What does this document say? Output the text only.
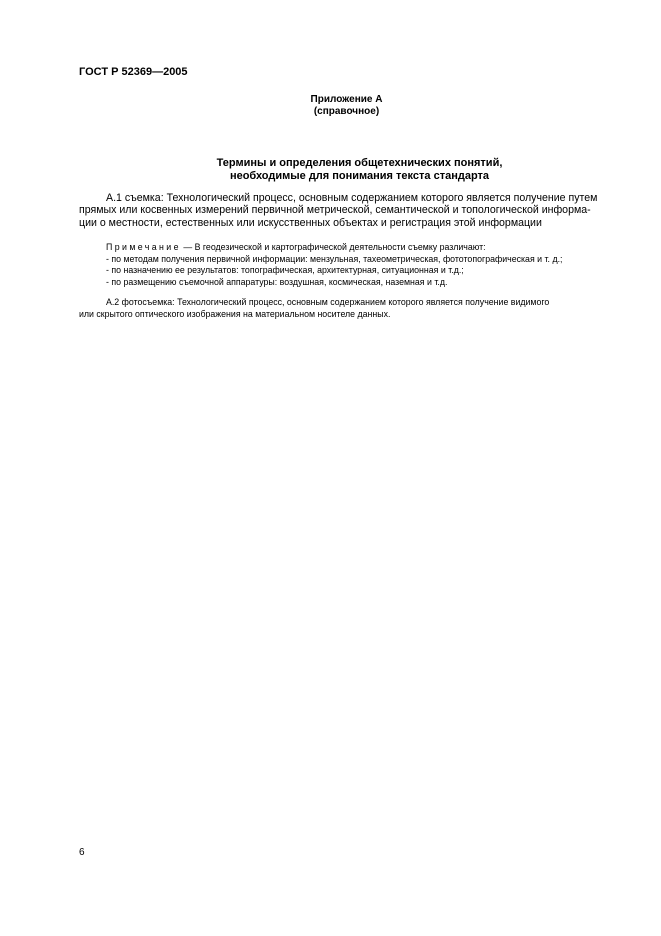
ГОСТ Р 52369—2005
Приложение А
(справочное)
Термины и определения общетехнических понятий,
необходимые для понимания текста стандарта
А.1 съемка: Технологический процесс, основным содержанием которого является получение путем
прямых или косвенных измерений первичной метрической, семантической и топологической информа-
ции о местности, естественных или искусственных объектах и регистрация этой информации
Примечание — В геодезической и картографической деятельности съемку различают:
- по методам получения первичной информации: мензульная, тахеометрическая, фототопографическая и т. д.;
- по назначению ее результатов: топографическая, архитектурная, ситуационная и т.д.;
- по размещению съемочной аппаратуры: воздушная, космическая, наземная и т.д.
А.2 фотосъемка: Технологический процесс, основным содержанием которого является получение видимого
или скрытого оптического изображения на материальном носителе данных.
6
